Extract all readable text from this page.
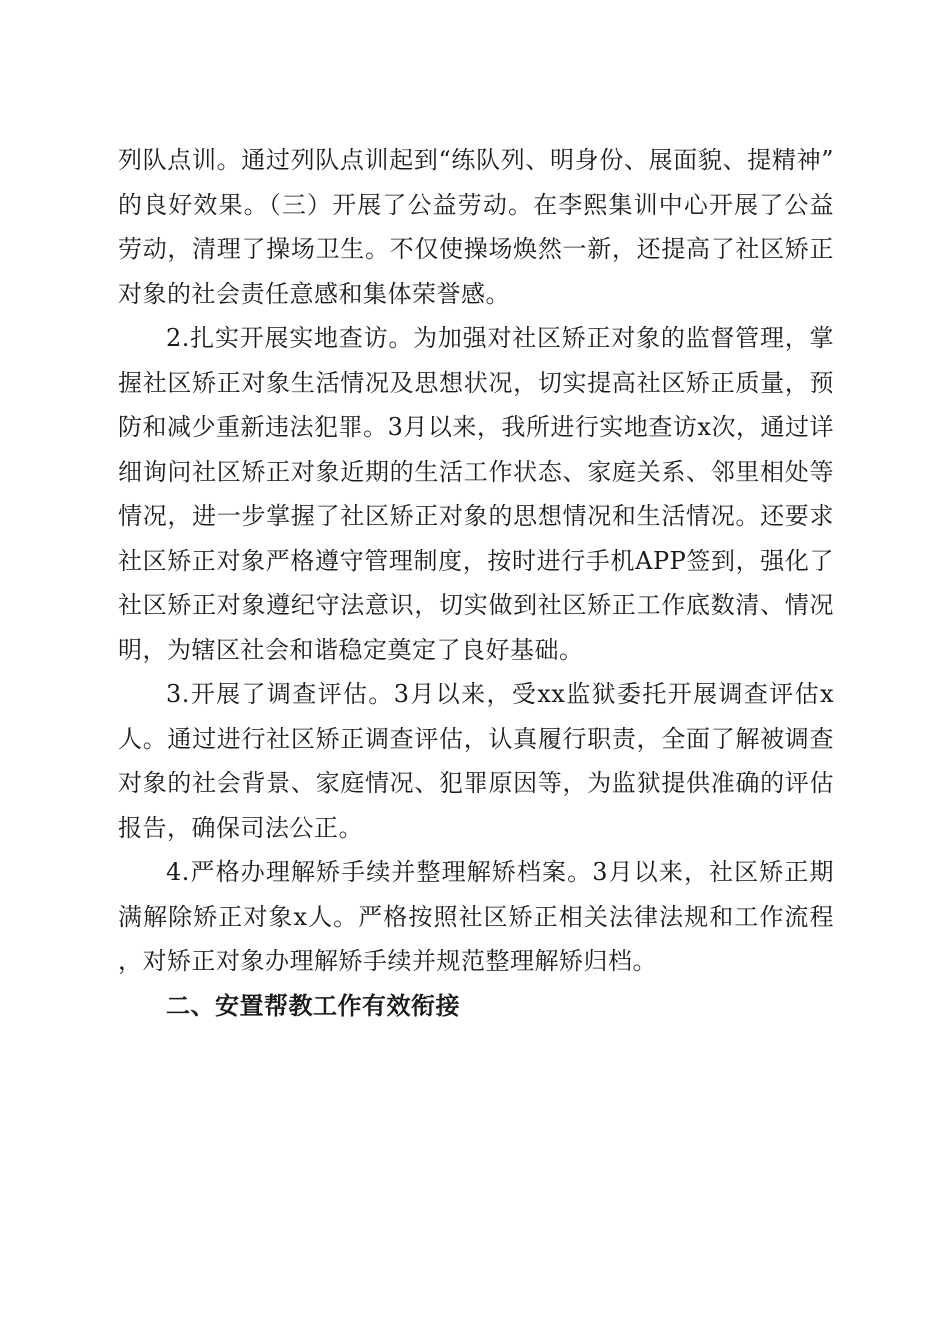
列队点训。通过列队点训起到“练队列、明身份、展面貌、提精神”的良好效果。（三）开展了公益劳动。在李熙集训中心开展了公益劳动，清理了操场卫生。不仅使操场焕然一新，还提高了社区矫正对象的社会责任意感和集体荣誉感。

2.扎实开展实地查访。为加强对社区矫正对象的监督管理，掌握社区矫正对象生活情况及思想状况，切实提高社区矫正质量，预防和减少重新违法犯罪。3月以来，我所进行实地查访x次，通过详细询问社区矫正对象近期的生活工作状态、家庭关系、邻里相处等情况，进一步掌握了社区矫正对象的思想情况和生活情况。还要求社区矫正对象严格遵守管理制度，按时进行手机APP签到，强化了社区矫正对象遵纪守法意识，切实做到社区矫正工作底数清、情况明，为辖区社会和谐稳定奠定了良好基础。

3.开展了调查评估。3月以来，受xx监狱委托开展调查评估x人。通过进行社区矫正调查评估，认真履行职责，全面了解被调查对象的社会背景、家庭情况、犯罪原因等，为监狱提供准确的评估报告，确保司法公正。

4.严格办理解矫手续并整理解矫档案。3月以来，社区矫正期满解除矫正对象x人。严格按照社区矫正相关法律法规和工作流程，对矫正对象办理解矫手续并规范整理解矫归档。

二、安置帮教工作有效衔接
